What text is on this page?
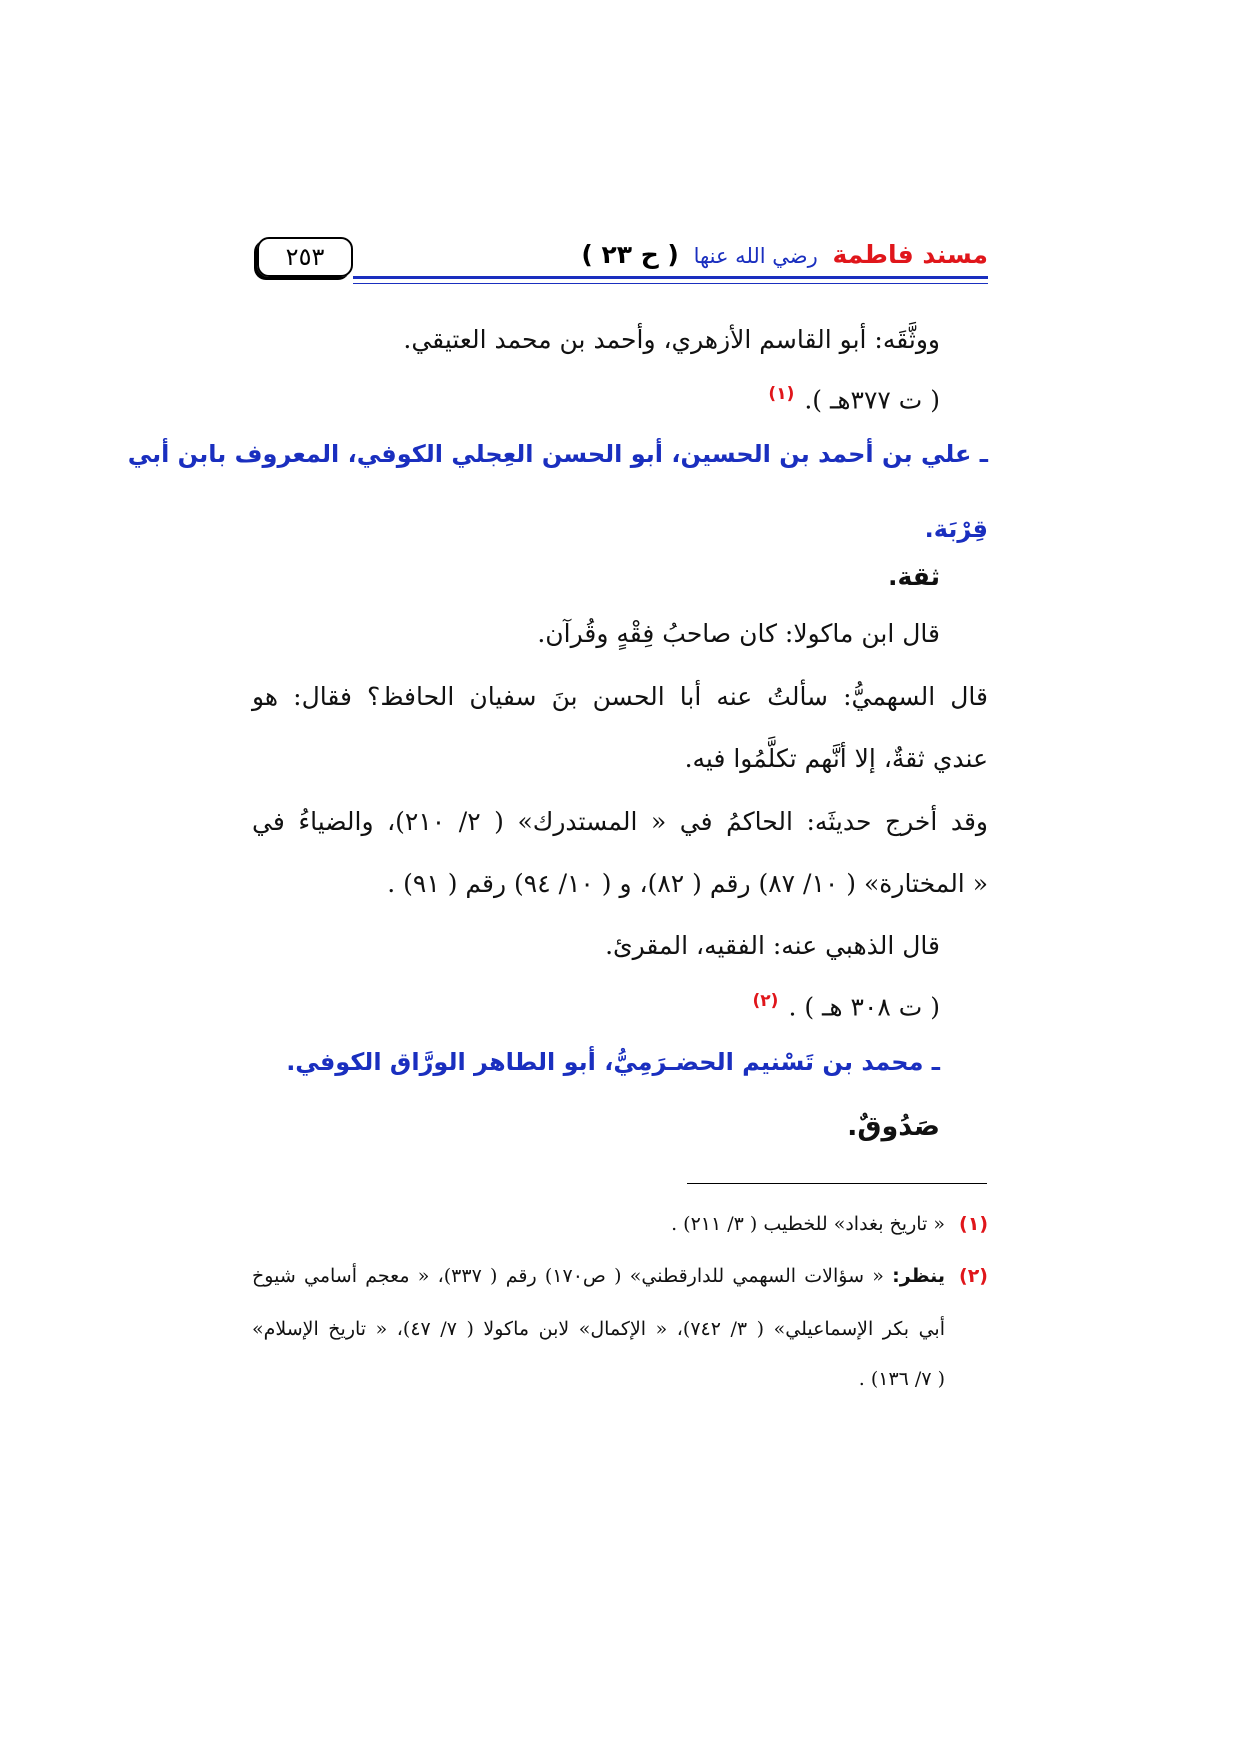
٢٥٣	مسند فاطمة رضي الله عنها ( ح ٢٣ )
ووثَّقَه: أبو القاسم الأزهري، وأحمد بن محمد العتيقي.
( ت ٣٧٧هـ ).$^{(١)}$
ـ علي بن أحمد بن الحسين، أبو الحسن العِجلي الكوفي، المعروف بابن أبي
قِرْبَة.
ثقة.
قال ابن ماكولا: كان صاحبُ فِقْهٍ وقُرآن.
قال السهميُّ: سألتُ عنه أبا الحسن بنَ سفيان الحافظ؟ فقال: هو
عندي ثقةٌ، إلا أنَّهم تكلَّمُوا فيه.
وقد أخرج حديثَه: الحاكمُ في « المستدرك» ( ٢/ ٢١٠)، والضياءُ في
« المختارة» ( ١٠/ ٨٧) رقم ( ٨٢)، و ( ١٠/ ٩٤) رقم ( ٩١) .
قال الذهبي عنه: الفقيه، المقرئ.
( ت ٣٠٨ هـ ) .$^{(٢)}$
ـ محمد بن تَسْنيم الحضـرَمِيُّ، أبو الطاهر الورَّاق الكوفي.
صَدُوقٌ.
(١)« تاريخ بغداد» للخطيب ( ٣/ ٢١١) .
(٢)ينظر: « سؤالات السهمي للدارقطني» ( ص١٧٠) رقم ( ٣٣٧)، « معجم أسامي شيوخ
أبي بكر الإسماعيلي» ( ٣/ ٧٤٢)، « الإكمال» لابن ماكولا ( ٧/ ٤٧)، « تاريخ الإسلام»
( ٧/ ١٣٦) .
